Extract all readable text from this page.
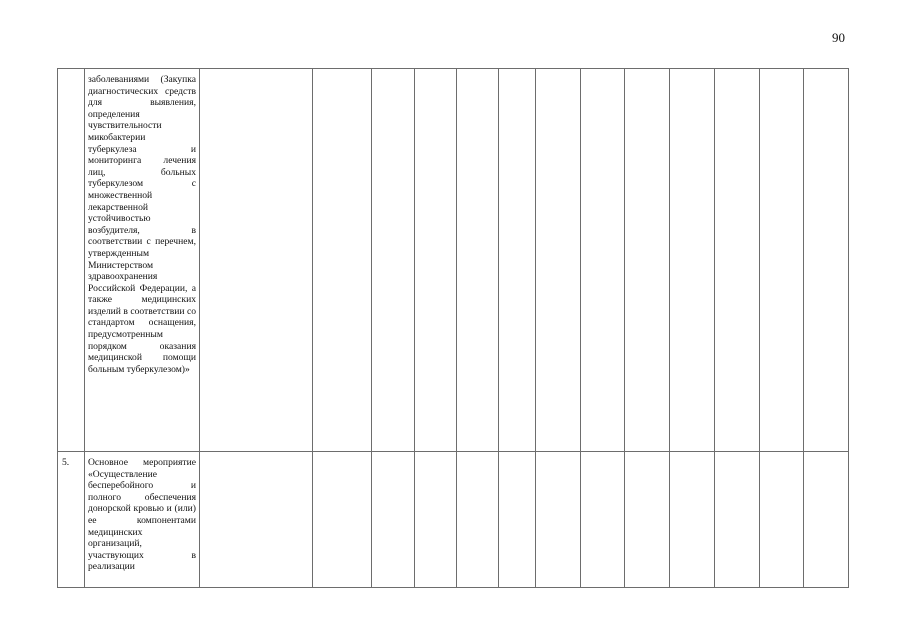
90

	заболеваниями (Закупка диагностических средств для выявления, определения чувствительности микобактерии туберкулеза и мониторинга лечения лиц, больных туберкулезом с множественной лекарственной устойчивостью возбудителя, в соответствии с перечнем, утвержденным Министерством здравоохранения Российской Федерации, а также медицинских изделий в соответствии со стандартом оснащения, предусмотренным порядком оказания медицинской помощи больным туберкулезом)»													

5.	Основное мероприятие «Осуществление бесперебойного и полного обеспечения донорской кровью и (или) ее компонентами медицинских организаций, участвующих в реализации													
